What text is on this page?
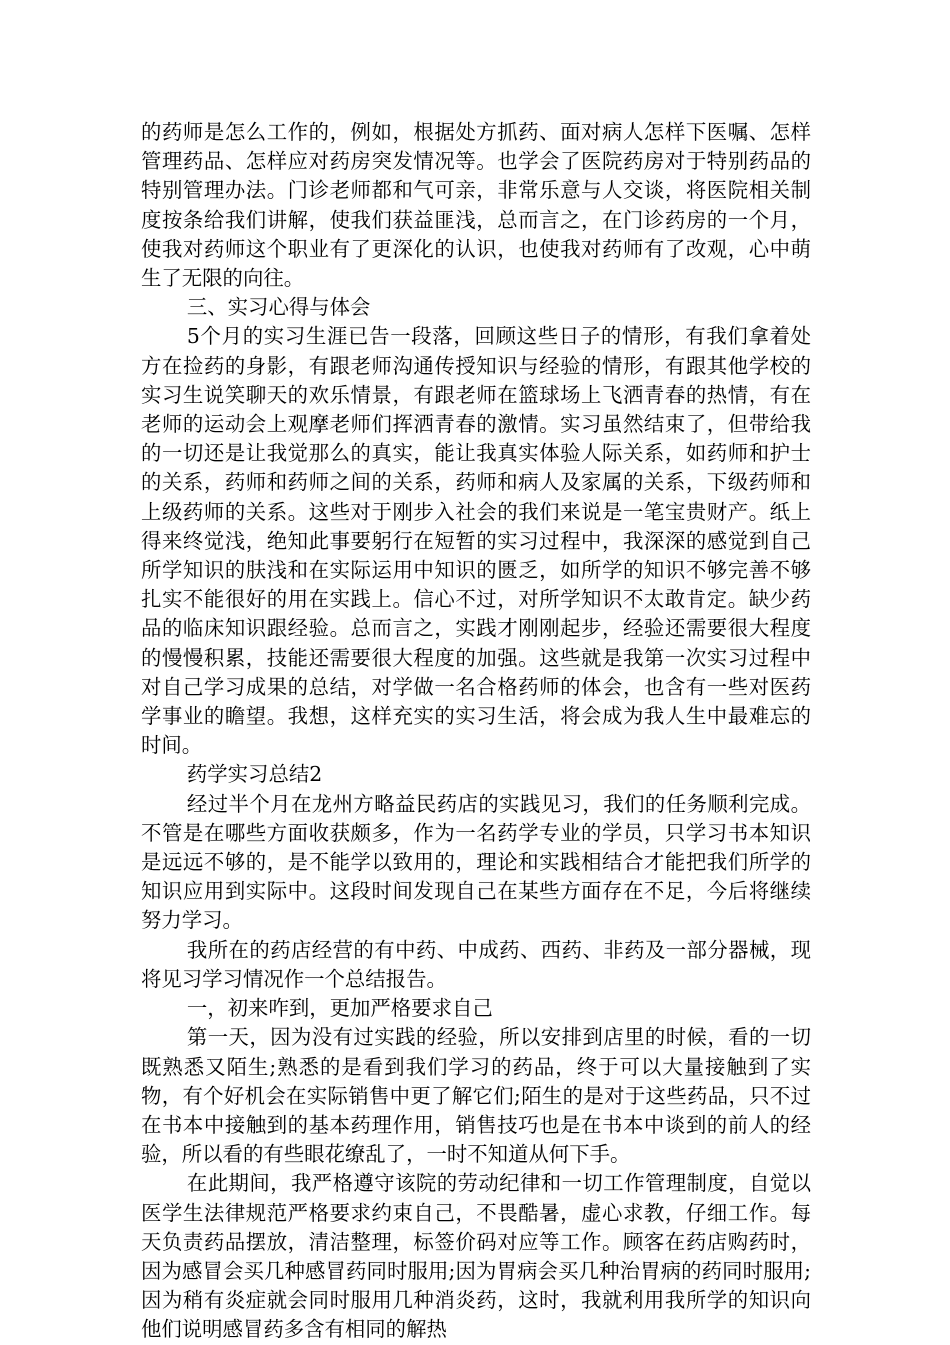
的药师是怎么工作的，例如，根据处方抓药、面对病人怎样下医嘱、怎样管理药品、怎样应对药房突发情况等。也学会了医院药房对于特别药品的特别管理办法。门诊老师都和气可亲，非常乐意与人交谈，将医院相关制度按条给我们讲解，使我们获益匪浅，总而言之，在门诊药房的一个月，使我对药师这个职业有了更深化的认识，也使我对药师有了改观，心中萌生了无限的向往。

三、实习心得与体会

5个月的实习生涯已告一段落，回顾这些日子的情形，有我们拿着处方在捡药的身影，有跟老师沟通传授知识与经验的情形，有跟其他学校的实习生说笑聊天的欢乐情景，有跟老师在篮球场上飞洒青春的热情，有在老师的运动会上观摩老师们挥洒青春的激情。实习虽然结束了，但带给我的一切还是让我觉那么的真实，能让我真实体验人际关系，如药师和护士的关系，药师和药师之间的关系，药师和病人及家属的关系，下级药师和上级药师的关系。这些对于刚步入社会的我们来说是一笔宝贵财产。纸上得来终觉浅，绝知此事要躬行在短暂的实习过程中，我深深的感觉到自己所学知识的肤浅和在实际运用中知识的匮乏，如所学的知识不够完善不够扎实不能很好的用在实践上。信心不过，对所学知识不太敢肯定。缺少药品的临床知识跟经验。总而言之，实践才刚刚起步，经验还需要很大程度的慢慢积累，技能还需要很大程度的加强。这些就是我第一次实习过程中对自己学习成果的总结，对学做一名合格药师的体会，也含有一些对医药学事业的瞻望。我想，这样充实的实习生活，将会成为我人生中最难忘的时间。

药学实习总结2

经过半个月在龙州方略益民药店的实践见习，我们的任务顺利完成。不管是在哪些方面收获颇多，作为一名药学专业的学员，只学习书本知识是远远不够的，是不能学以致用的，理论和实践相结合才能把我们所学的知识应用到实际中。这段时间发现自己在某些方面存在不足，今后将继续努力学习。

我所在的药店经营的有中药、中成药、西药、非药及一部分器械，现将见习学习情况作一个总结报告。

一，初来咋到，更加严格要求自己

第一天，因为没有过实践的经验，所以安排到店里的时候，看的一切既熟悉又陌生;熟悉的是看到我们学习的药品，终于可以大量接触到了实物，有个好机会在实际销售中更了解它们;陌生的是对于这些药品，只不过在书本中接触到的基本药理作用，销售技巧也是在书本中谈到的前人的经验，所以看的有些眼花缭乱了，一时不知道从何下手。

在此期间，我严格遵守该院的劳动纪律和一切工作管理制度，自觉以医学生法律规范严格要求约束自己，不畏酷暑，虚心求教，仔细工作。每天负责药品摆放，清洁整理，标签价码对应等工作。顾客在药店购药时，因为感冒会买几种感冒药同时服用;因为胃病会买几种治胃病的药同时服用;因为稍有炎症就会同时服用几种消炎药，这时，我就利用我所学的知识向他们说明感冒药多含有相同的解热
